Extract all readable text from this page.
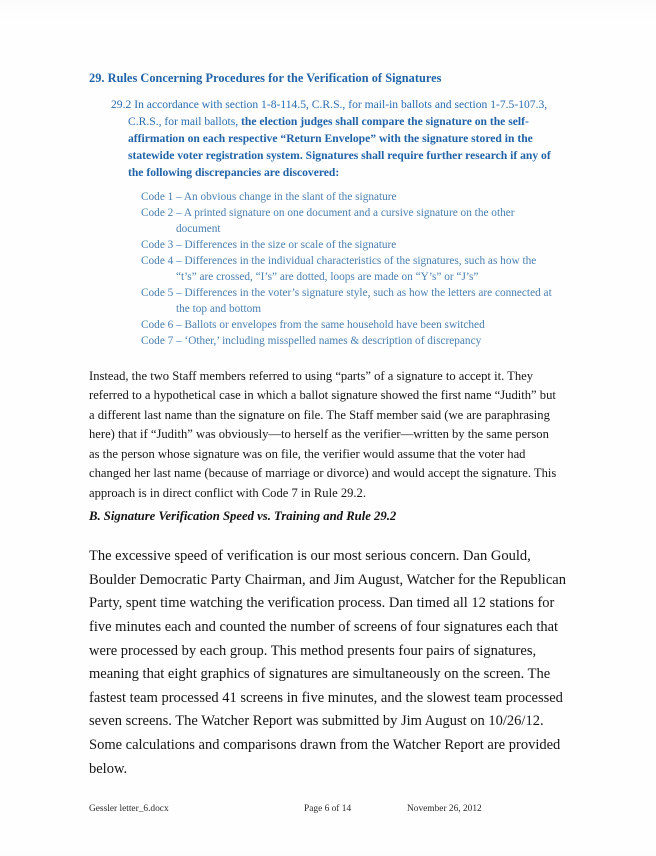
29. Rules Concerning Procedures for the Verification of Signatures
29.2 In accordance with section 1-8-114.5, C.R.S., for mail-in ballots and section 1-7.5-107.3, C.R.S., for mail ballots, the election judges shall compare the signature on the self-affirmation on each respective “Return Envelope” with the signature stored in the statewide voter registration system. Signatures shall require further research if any of the following discrepancies are discovered:

Code 1 – An obvious change in the slant of the signature

Code 2 – A printed signature on one document and a cursive signature on the other document

Code 3 – Differences in the size or scale of the signature

Code 4 – Differences in the individual characteristics of the signatures, such as how the “t’s” are crossed, “I’s” are dotted, loops are made on “Y’s” or “J’s”

Code 5 – Differences in the voter’s signature style, such as how the letters are connected at the top and bottom

Code 6 – Ballots or envelopes from the same household have been switched

Code 7 – ‘Other,’ including misspelled names & description of discrepancy

Instead, the two Staff members referred to using “parts” of a signature to accept it. They referred to a hypothetical case in which a ballot signature showed the first name “Judith” but a different last name than the signature on file. The Staff member said (we are paraphrasing here) that if “Judith” was obviously—to herself as the verifier—written by the same person as the person whose signature was on file, the verifier would assume that the voter had changed her last name (because of marriage or divorce) and would accept the signature. This approach is in direct conflict with Code 7 in Rule 29.2.

B. Signature Verification Speed vs. Training and Rule 29.2

The excessive speed of verification is our most serious concern. Dan Gould, Boulder Democratic Party Chairman, and Jim August, Watcher for the Republican Party, spent time watching the verification process. Dan timed all 12 stations for five minutes each and counted the number of screens of four signatures each that were processed by each group. This method presents four pairs of signatures, meaning that eight graphics of signatures are simultaneously on the screen. The fastest team processed 41 screens in five minutes, and the slowest team processed seven screens. The Watcher Report was submitted by Jim August on 10/26/12. Some calculations and comparisons drawn from the Watcher Report are provided below.

Gessler letter_6.docx	Page 6 of 14	November 26, 2012
